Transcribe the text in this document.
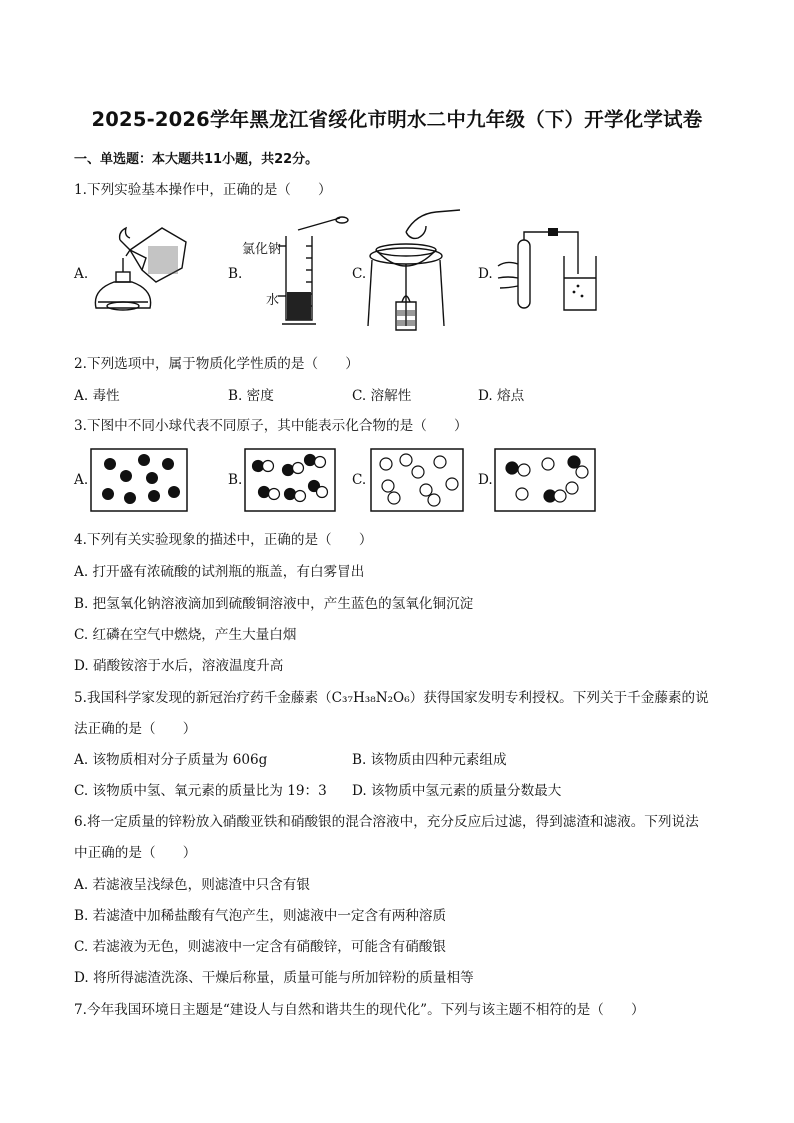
2025-2026学年黑龙江省绥化市明水二中九年级（下）开学化学试卷
一、单选题：本大题共11小题，共22分。
1.下列实验基本操作中，正确的是（　　）
A.	B.
氯化钠
水
C.	D.
2.下列选项中，属于物质化学性质的是（　　）
A. 毒性	B. 密度	C. 溶解性	D. 熔点
3.下图中不同小球代表不同原子，其中能表示化合物的是（　　）
A.	B.	C.	D.
4.下列有关实验现象的描述中，正确的是（　　）
A. 打开盛有浓硫酸的试剂瓶的瓶盖，有白雾冒出
B. 把氢氧化钠溶液滴加到硫酸铜溶液中，产生蓝色的氢氧化铜沉淀
C. 红磷在空气中燃烧，产生大量白烟
D. 硝酸铵溶于水后，溶液温度升高
5.我国科学家发现的新冠治疗药千金藤素（C₃₇H₃₈N₂O₆）获得国家发明专利授权。下列关于千金藤素的说
法正确的是（　　）
A. 该物质相对分子质量为 606g	B. 该物质由四种元素组成
C. 该物质中氢、氧元素的质量比为 19：3 D. 该物质中氢元素的质量分数最大
6.将一定质量的锌粉放入硝酸亚铁和硝酸银的混合溶液中，充分反应后过滤，得到滤渣和滤液。下列说法
中正确的是（　　）
A. 若滤液呈浅绿色，则滤渣中只含有银
B. 若滤渣中加稀盐酸有气泡产生，则滤液中一定含有两种溶质
C. 若滤液为无色，则滤液中一定含有硝酸锌，可能含有硝酸银
D. 将所得滤渣洗涤、干燥后称量，质量可能与所加锌粉的质量相等
7.今年我国环境日主题是“建设人与自然和谐共生的现代化”。下列与该主题不相符的是（　　）
